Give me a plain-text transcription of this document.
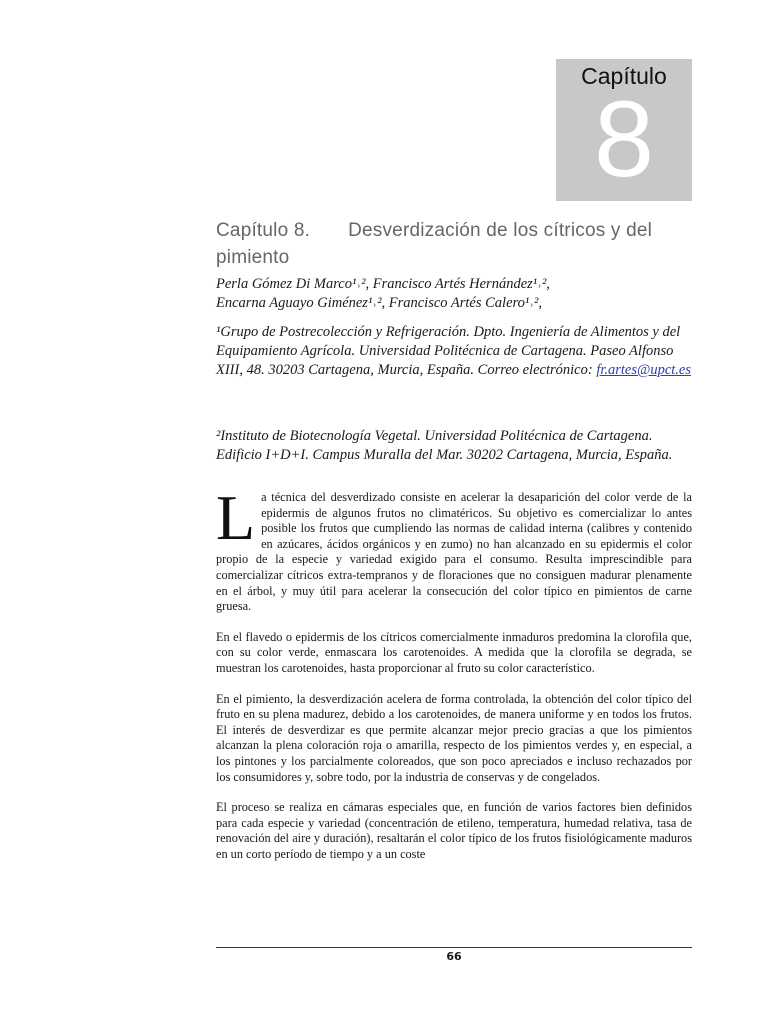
Capítulo
8
Capítulo 8. Desverdización de los cítricos y del pimiento
Perla Gómez Di Marco¹˒², Francisco Artés Hernández¹˒²,
Encarna Aguayo Giménez¹˒², Francisco Artés Calero¹˒²,
¹Grupo de Postrecolección y Refrigeración. Dpto. Ingeniería de Alimentos y del Equipamiento Agrícola. Universidad Politécnica de Cartagena. Paseo Alfonso XIII, 48. 30203 Cartagena, Murcia, España. Correo electrónico: fr.artes@upct.es
²Instituto de Biotecnología Vegetal. Universidad Politécnica de Cartagena. Edificio I+D+I. Campus Muralla del Mar. 30202 Cartagena, Murcia, España.

La técnica del desverdizado consiste en acelerar la desaparición del color verde de la epidermis de algunos frutos no climatéricos. Su objetivo es comercializar lo antes posible los frutos que cumpliendo las normas de calidad interna (calibres y contenido en azúcares, ácidos orgánicos y en zumo) no han alcanzado en su epidermis el color propio de la especie y variedad exigido para el consumo. Resulta imprescindible para comercializar cítricos extra-tempranos y de floraciones que no consiguen madurar plenamente en el árbol, y muy útil para acelerar la consecución del color típico en pimientos de carne gruesa.

En el flavedo o epidermis de los cítricos comercialmente inmaduros predomina la clorofila que, con su color verde, enmascara los carotenoides. A medida que la clorofila se degrada, se muestran los carotenoides, hasta proporcionar al fruto su color característico.

En el pimiento, la desverdización acelera de forma controlada, la obtención del color típico del fruto en su plena madurez, debido a los carotenoides, de manera uniforme y en todos los frutos. El interés de desverdizar es que permite alcanzar mejor precio gracias a que los pimientos alcanzan la plena coloración roja o amarilla, respecto de los pimientos verdes y, en especial, a los pintones y los parcialmente coloreados, que son poco apreciados e incluso rechazados por los consumidores y, sobre todo, por la industria de conservas y de congelados.

El proceso se realiza en cámaras especiales que, en función de varios factores bien definidos para cada especie y variedad (concentración de etileno, temperatura, humedad relativa, tasa de renovación del aire y duración), resaltarán el color típico de los frutos fisiológicamente maduros en un corto período de tiempo y a un coste

66
